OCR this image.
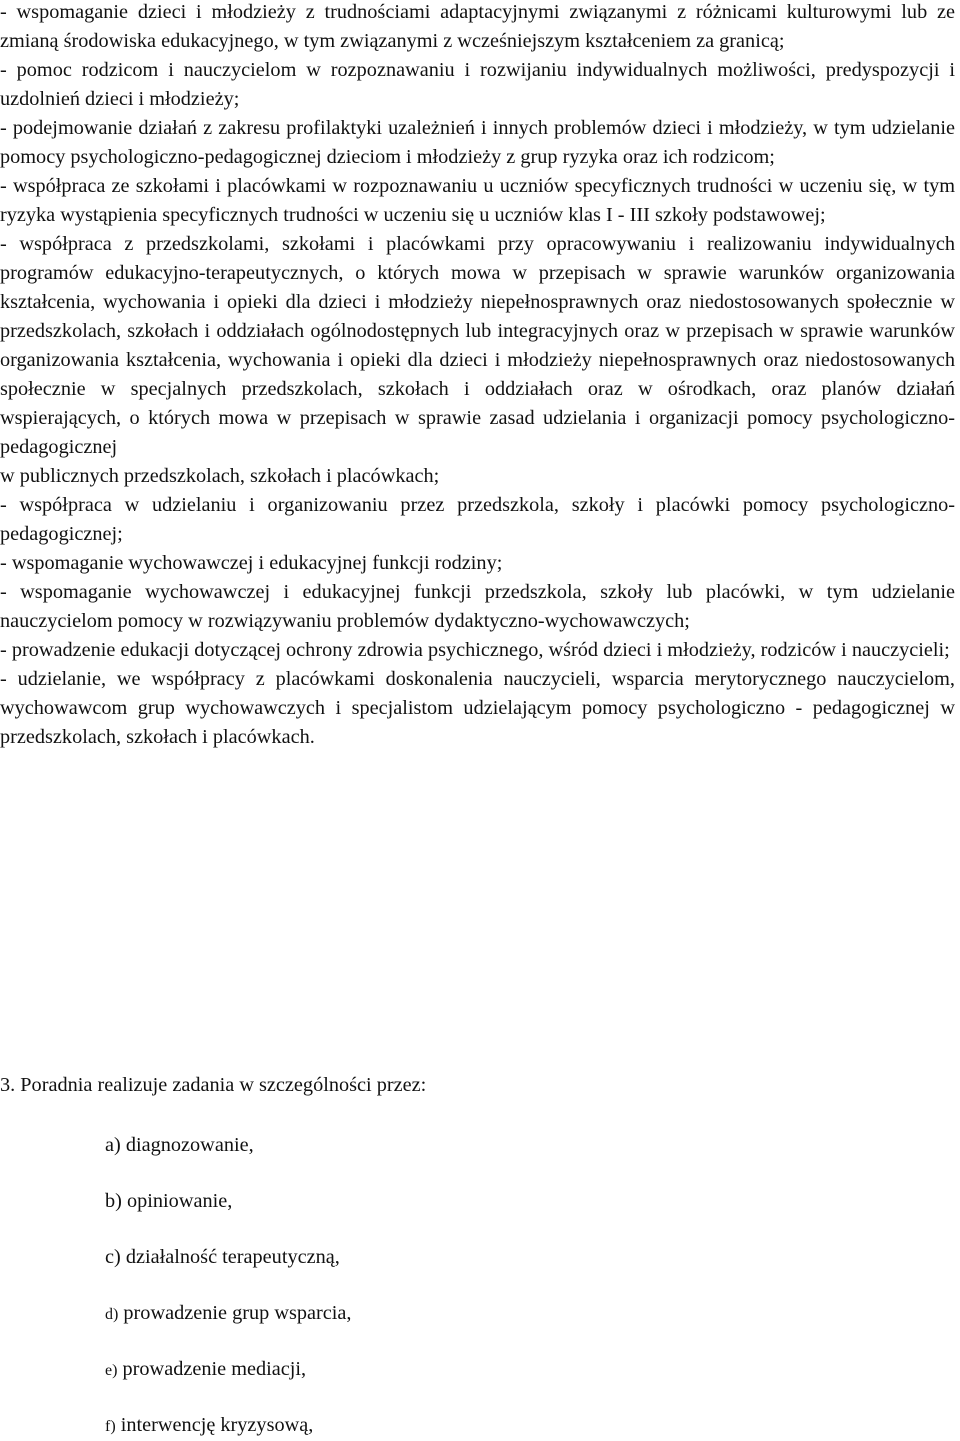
- wspomaganie dzieci i młodzieży z trudnościami adaptacyjnymi związanymi z różnicami kulturowymi lub ze zmianą środowiska edukacyjnego, w tym związanymi z wcześniejszym kształceniem za granicą;

- pomoc rodzicom i nauczycielom w rozpoznawaniu i rozwijaniu indywidualnych możliwości, predyspozycji i uzdolnień dzieci i młodzieży;

- podejmowanie działań z zakresu profilaktyki uzależnień i innych problemów dzieci i młodzieży, w tym udzielanie pomocy psychologiczno-pedagogicznej dzieciom i młodzieży z grup ryzyka oraz ich rodzicom;

- współpraca ze szkołami i placówkami w rozpoznawaniu u uczniów specyficznych trudności w uczeniu się, w tym ryzyka wystąpienia specyficznych trudności w uczeniu się u uczniów klas I - III szkoły podstawowej;

- współpraca z przedszkolami, szkołami i placówkami przy opracowywaniu i realizowaniu indywidualnych programów edukacyjno-terapeutycznych, o których mowa w przepisach w sprawie warunków organizowania kształcenia, wychowania i opieki dla dzieci i młodzieży niepełnosprawnych oraz niedostosowanych społecznie w przedszkolach, szkołach i oddziałach ogólnodostępnych lub integracyjnych oraz w przepisach w sprawie warunków organizowania kształcenia, wychowania i opieki dla dzieci i młodzieży niepełnosprawnych oraz niedostosowanych społecznie w specjalnych przedszkolach, szkołach i oddziałach oraz w ośrodkach, oraz planów działań wspierających, o których mowa w przepisach w sprawie zasad udzielania i organizacji pomocy psychologiczno-pedagogicznej

w publicznych przedszkolach, szkołach i placówkach;

- współpraca w udzielaniu i organizowaniu przez przedszkola, szkoły i placówki pomocy psychologiczno-pedagogicznej;

- wspomaganie wychowawczej i edukacyjnej funkcji rodziny;

- wspomaganie wychowawczej i edukacyjnej funkcji przedszkola, szkoły lub placówki, w tym udzielanie nauczycielom pomocy w rozwiązywaniu problemów dydaktyczno-wychowawczych;

- prowadzenie edukacji dotyczącej ochrony zdrowia psychicznego, wśród dzieci i młodzieży, rodziców i nauczycieli;

- udzielanie, we współpracy z placówkami doskonalenia nauczycieli, wsparcia merytorycznego nauczycielom, wychowawcom grup wychowawczych i specjalistom udzielającym pomocy psychologiczno - pedagogicznej w przedszkolach, szkołach i placówkach.

3. Poradnia realizuje zadania w szczególności przez:
a) diagnozowanie,
b) opiniowanie,
c) działalność terapeutyczną,
d) prowadzenie grup wsparcia,
e) prowadzenie mediacji,
f) interwencję kryzysową,
